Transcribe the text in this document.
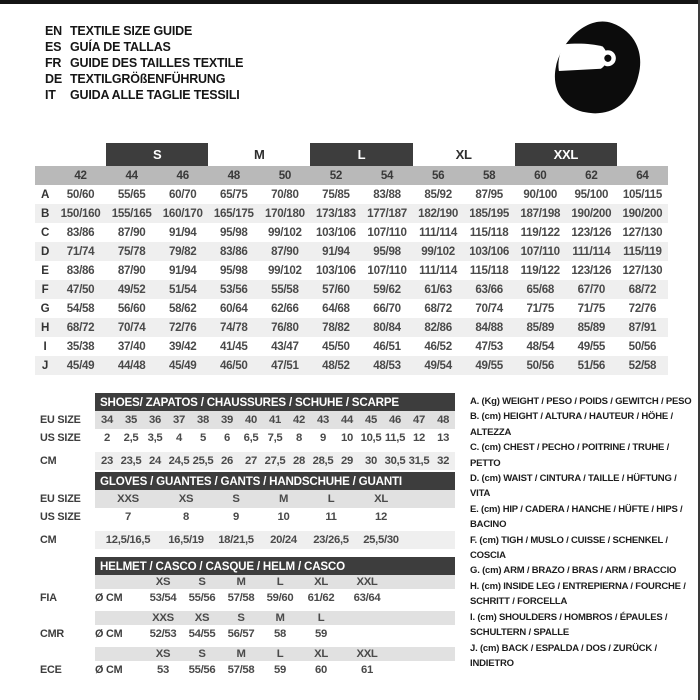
EN TEXTILE SIZE GUIDE
ES GUÍA DE TALLAS
FR GUIDE DES TAILLES TEXTILE
DE TEXTILGRÖßENFÜHRUNG
IT	GUIDA ALLE TAGLIE TESSILI
		S		M		L		XL		XXL		
	42	44	46	48	50	52	54	56	58	60	62	64
A	50/60	55/65	60/70	65/75	70/80	75/85	83/88	85/92	87/95	90/100	95/100	105/115
B	150/160	155/165	160/170	165/175	170/180	173/183	177/187	182/190	185/195	187/198	190/200	190/200
C	83/86	87/90	91/94	95/98	99/102	103/106	107/110	111/114	115/118	119/122	123/126	127/130
D	71/74	75/78	79/82	83/86	87/90	91/94	95/98	99/102	103/106	107/110	111/114	115/119
E	83/86	87/90	91/94	95/98	99/102	103/106	107/110	111/114	115/118	119/122	123/126	127/130
F	47/50	49/52	51/54	53/56	55/58	57/60	59/62	61/63	63/66	65/68	67/70	68/72
G	54/58	56/60	58/62	60/64	62/66	64/68	66/70	68/72	70/74	71/75	71/75	72/76
H	68/72	70/74	72/76	74/78	76/80	78/82	80/84	82/86	84/88	85/89	85/89	87/91
I	35/38	37/40	39/42	41/45	43/47	45/50	46/51	46/52	47/53	48/54	49/55	50/56
J	45/49	44/48	45/49	46/50	47/51	48/52	48/53	49/54	49/55	50/56	51/56	52/58
	SHOES/ ZAPATOS / CHAUSSURES / SCHUHE / SCARPE														
EU SIZE	34	35	36	37	38	39	40	41	42	43	44	45	46	47	48
US SIZE	2	2,5	3,5	4	5	6	6,5	7,5	8	9	10	10,5	11,5	12	13

CM	23	23,5	24	24,5	25,5	26	27	27,5	28	28,5	29	30	30,5	31,5	32
	GLOVES / GUANTES / GANTS / HANDSCHUHE / GUANTI						
EU SIZE	XXS	XS	S	M	L	XL	
US SIZE	7	8	9	10	11	12	

CM	12,5/16,5	16,5/19	18/21,5	20/24	23/26,5	25,5/30	
	HELMET / CASCO / CASQUE / HELM / CASCO							
		XS	S	M	L	XL	XXL	
FIA	Ø CM	53/54	55/56	57/58	59/60	61/62	63/64	

		XXS	XS	S	M	L		
CMR	Ø CM	52/53	54/55	56/57	58	59		

		XS	S	M	L	XL	XXL	
ECE	Ø CM	53	55/56	57/58	59	60	61	
A. (Kg) WEIGHT / PESO / POIDS / GEWITCH / PESO
B. (cm) HEIGHT / ALTURA / HAUTEUR / HÖHE / ALTEZZA
C. (cm) CHEST / PECHO / POITRINE / TRUHE / PETTO
D. (cm) WAIST / CINTURA / TAILLE / HÜFTUNG / VITA
E. (cm) HIP / CADERA / HANCHE / HÜFTE / HIPS / BACINO
F. (cm) TIGH / MUSLO / CUISSE / SCHENKEL / COSCIA
G. (cm) ARM / BRAZO / BRAS / ARM / BRACCIO
H. (cm) INSIDE LEG / ENTREPIERNA / FOURCHE / SCHRITT / FORCELLA
I. (cm) SHOULDERS / HOMBROS / ÉPAULES / SCHULTERN / SPALLE
J. (cm) BACK / ESPALDA / DOS / ZURÜCK / INDIETRO
